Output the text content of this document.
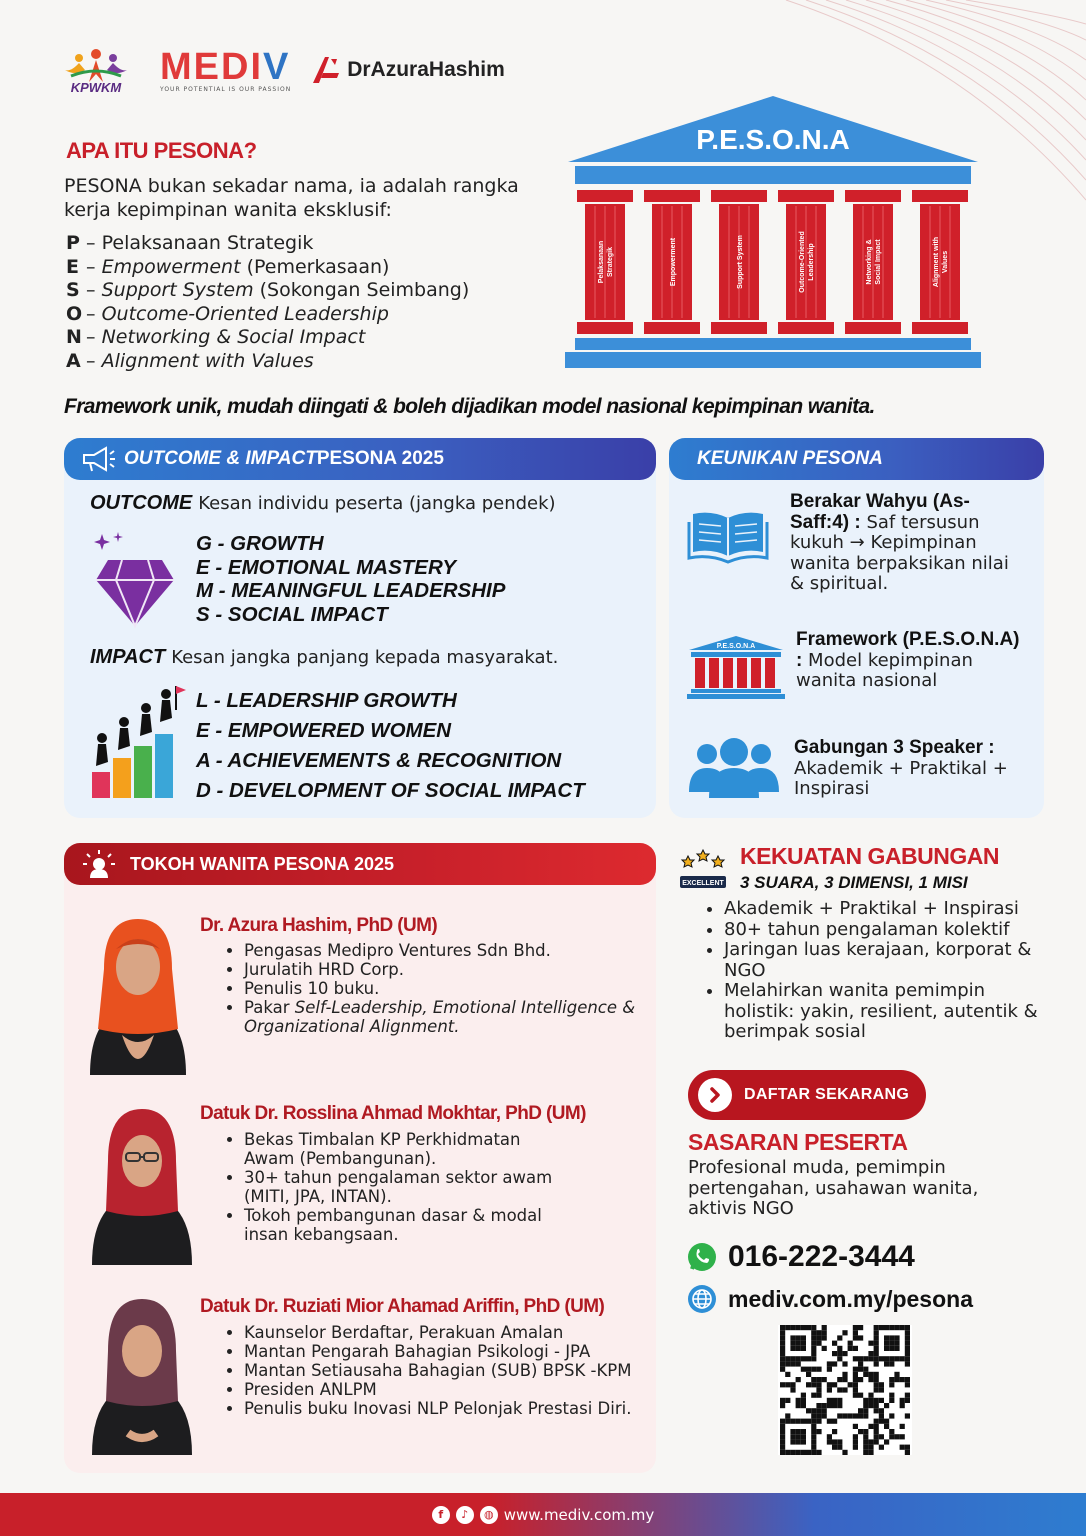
KPWKM MEDIV
YOUR POTENTIAL IS OUR PASSION
DrAzuraHashim
APA ITU PESONA?
PESONA bukan sekadar nama, ia adalah rangka kerja kepimpinan wanita eksklusif:
P – Pelaksanaan Strategik
E – Empowerment (Pemerkasaan)
S – Support System (Sokongan Seimbang)
O – Outcome-Oriented Leadership
N – Networking & Social Impact
A – Alignment with Values
P.E.S.O.N.A
Pelaksanaan Strategik	Empowerment	Support System	Outcome-Oriented Leadership	Networking & Social Impact	Alignment with Values
Framework unik, mudah diingati & boleh dijadikan model nasional kepimpinan wanita.
OUTCOME & IMPACT PESONA 2025
OUTCOME Kesan individu peserta (jangka pendek)
G - GROWTH
E - EMOTIONAL MASTERY
M - MEANINGFUL LEADERSHIP
S - SOCIAL IMPACT
IMPACT Kesan jangka panjang kepada masyarakat.
L - LEADERSHIP GROWTH
E - EMPOWERED WOMEN
A - ACHIEVEMENTS & RECOGNITION
D - DEVELOPMENT OF SOCIAL IMPACT
KEUNIKAN PESONA
Berakar Wahyu (As-Saff:4) : Saf tersusun kukuh → Kepimpinan wanita berpaksikan nilai & spiritual.
P.E.S.O.N.A Framework (P.E.S.O.N.A) : Model kepimpinan wanita nasional
Gabungan 3 Speaker : Akademik + Praktikal + Inspirasi
TOKOH WANITA PESONA 2025
Dr. Azura Hashim, PhD (UM)
• Pengasas Medipro Ventures Sdn Bhd.
• Jurulatih HRD Corp.
• Penulis 10 buku.
• Pakar Self-Leadership, Emotional Intelligence & Organizational Alignment.
Datuk Dr. Rosslina Ahmad Mokhtar, PhD (UM)
• Bekas Timbalan KP Perkhidmatan Awam (Pembangunan).
• 30+ tahun pengalaman sektor awam (MITI, JPA, INTAN).
• Tokoh pembangunan dasar & modal insan kebangsaan.
Datuk Dr. Ruziati Mior Ahamad Ariffin, PhD (UM)
• Kaunselor Berdaftar, Perakuan Amalan
• Mantan Pengarah Bahagian Psikologi - JPA
• Mantan Setiausaha Bahagian (SUB) BPSK -KPM
• Presiden ANLPM
• Penulis buku Inovasi NLP Pelonjak Prestasi Diri.
EXCELLENT
KEKUATAN GABUNGAN
3 SUARA, 3 DIMENSI, 1 MISI
• Akademik + Praktikal + Inspirasi
• 80+ tahun pengalaman kolektif
• Jaringan luas kerajaan, korporat & NGO
• Melahirkan wanita pemimpin holistik: yakin, resilient, autentik & berimpak sosial
DAFTAR SEKARANG
SASARAN PESERTA
Profesional muda, pemimpin pertengahan, usahawan wanita, aktivis NGO
016-222-3444
mediv.com.my/pesona
f	♪	◍ www.mediv.com.my
